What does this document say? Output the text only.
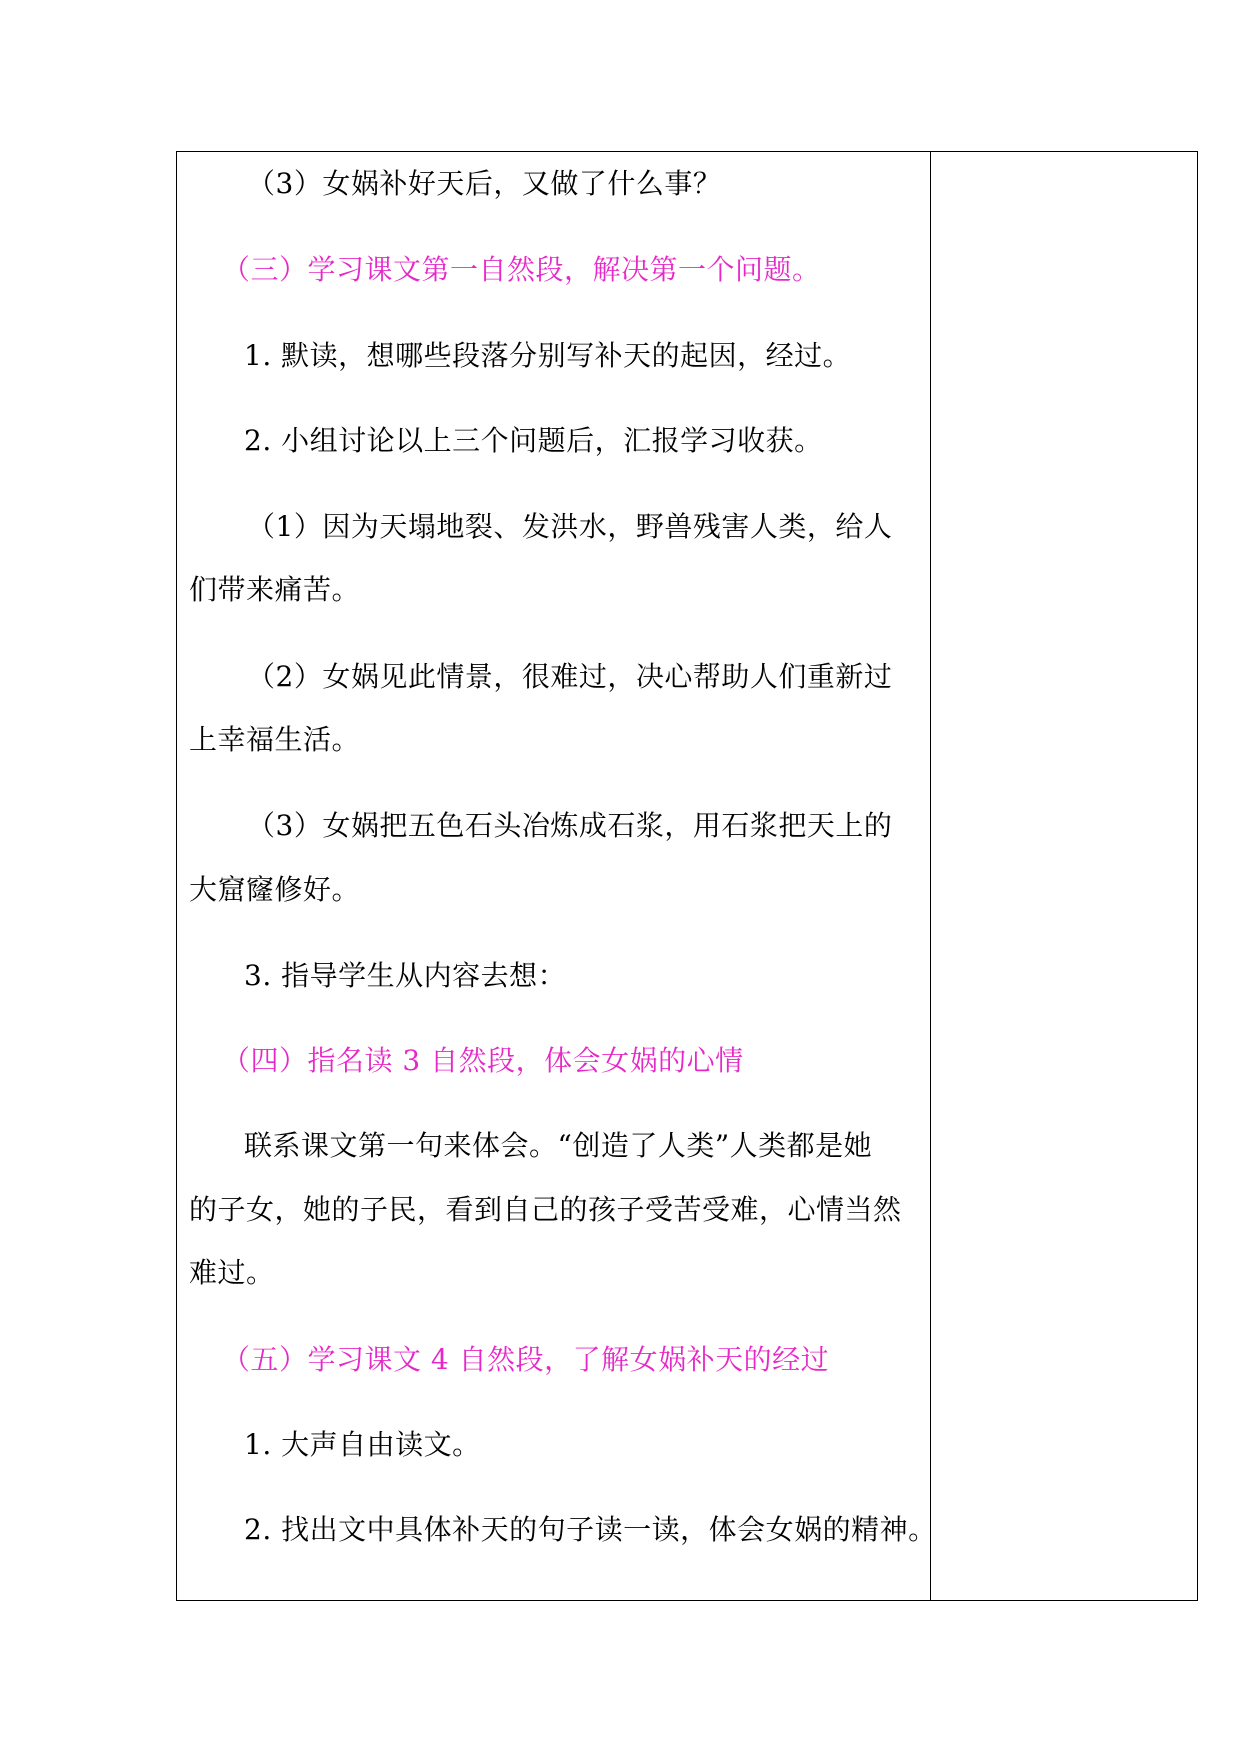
（3）女娲补好天后，又做了什么事？
（三）学习课文第一自然段，解决第一个问题。
1. 默读，想哪些段落分别写补天的起因，经过。
2. 小组讨论以上三个问题后，汇报学习收获。
（1）因为天塌地裂、发洪水，野兽残害人类，给人
们带来痛苦。
（2）女娲见此情景，很难过，决心帮助人们重新过
上幸福生活。
（3）女娲把五色石头冶炼成石浆，用石浆把天上的
大窟窿修好。
3. 指导学生从内容去想：
（四）指名读 3 自然段，体会女娲的心情
联系课文第一句来体会。“创造了人类”人类都是她
的子女，她的子民，看到自己的孩子受苦受难，心情当然
难过。
（五）学习课文 4 自然段，了解女娲补天的经过
1. 大声自由读文。
2. 找出文中具体补天的句子读一读，体会女娲的精神。
